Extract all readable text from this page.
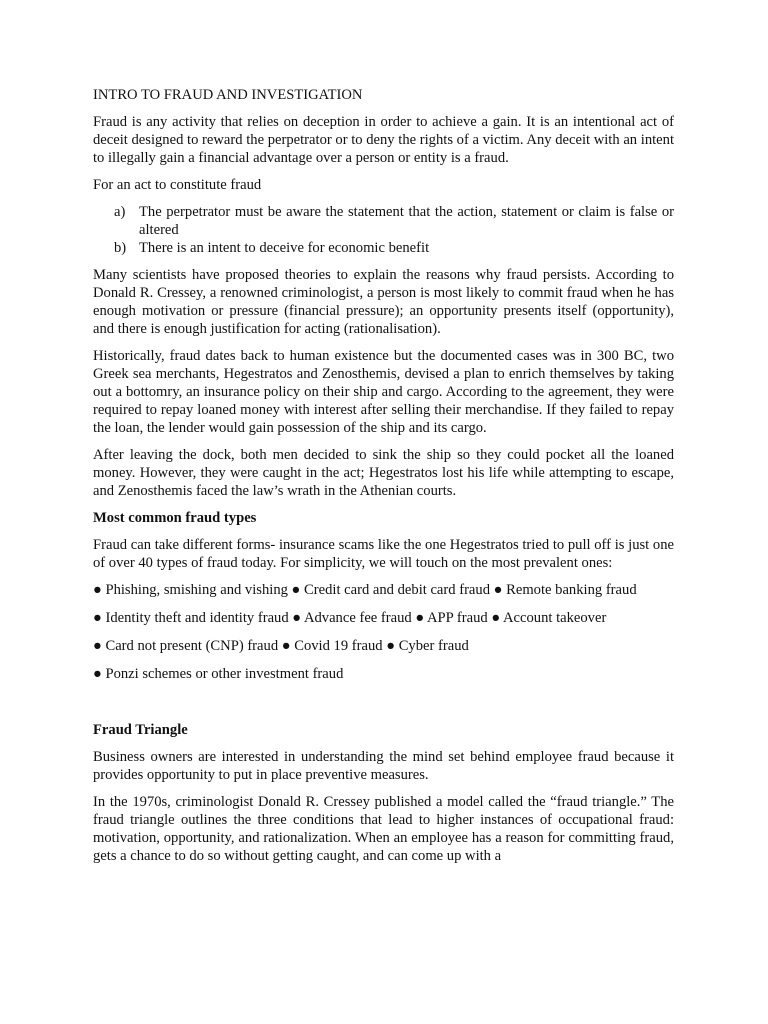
INTRO TO FRAUD AND INVESTIGATION

Fraud is any activity that relies on deception in order to achieve a gain. It is an intentional act of deceit designed to reward the perpetrator or to deny the rights of a victim. Any deceit with an intent to illegally gain a financial advantage over a person or entity is a fraud.

For an act to constitute fraud

a) The perpetrator must be aware the statement that the action, statement or claim is false or altered
b) There is an intent to deceive for economic benefit

Many scientists have proposed theories to explain the reasons why fraud persists. According to Donald R. Cressey, a renowned criminologist, a person is most likely to commit fraud when he has enough motivation or pressure (financial pressure); an opportunity presents itself (opportunity), and there is enough justification for acting (rationalisation).

Historically, fraud dates back to human existence but the documented cases was in 300 BC, two Greek sea merchants, Hegestratos and Zenosthemis, devised a plan to enrich themselves by taking out a bottomry, an insurance policy on their ship and cargo. According to the agreement, they were required to repay loaned money with interest after selling their merchandise. If they failed to repay the loan, the lender would gain possession of the ship and its cargo.

After leaving the dock, both men decided to sink the ship so they could pocket all the loaned money. However, they were caught in the act; Hegestratos lost his life while attempting to escape, and Zenosthemis faced the law’s wrath in the Athenian courts.

Most common fraud types

Fraud can take different forms- insurance scams like the one Hegestratos tried to pull off is just one of over 40 types of fraud today. For simplicity, we will touch on the most prevalent ones:

● Phishing, smishing and vishing ● Credit card and debit card fraud ● Remote banking fraud
● Identity theft and identity fraud ● Advance fee fraud ● APP fraud ● Account takeover
● Card not present (CNP) fraud ● Covid 19 fraud ● Cyber fraud
● Ponzi schemes or other investment fraud

Fraud Triangle

Business owners are interested in understanding the mind set behind employee fraud because it provides opportunity to put in place preventive measures.

In the 1970s, criminologist Donald R. Cressey published a model called the “fraud triangle.” The fraud triangle outlines the three conditions that lead to higher instances of occupational fraud: motivation, opportunity, and rationalization. When an employee has a reason for committing fraud, gets a chance to do so without getting caught, and can come up with a
